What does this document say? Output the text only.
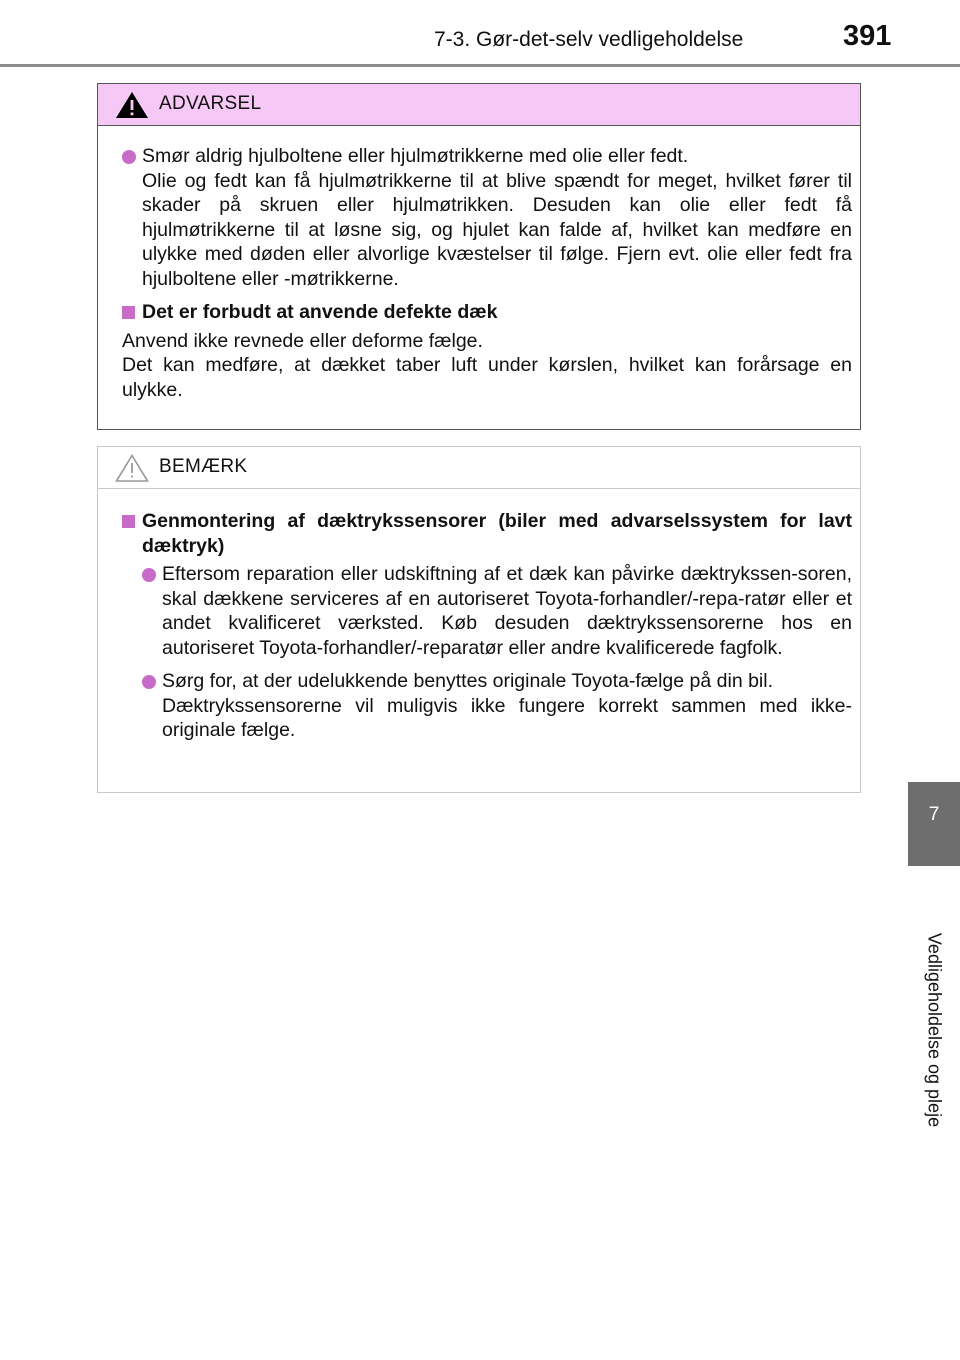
7-3. Gør-det-selv vedligeholdelse	391
ADVARSEL

Smør aldrig hjulboltene eller hjulmøtrikkerne med olie eller fedt.

Olie og fedt kan få hjulmøtrikkerne til at blive spændt for meget, hvilket fører til skader på skruen eller hjulmøtrikken. Desuden kan olie eller fedt få hjulmøtrikkerne til at løsne sig, og hjulet kan falde af, hvilket kan medføre en ulykke med døden eller alvorlige kvæstelser til følge. Fjern evt. olie eller fedt fra hjulboltene eller -møtrikkerne.

Det er forbudt at anvende defekte dæk

Anvend ikke revnede eller deforme fælge.

Det kan medføre, at dækket taber luft under kørslen, hvilket kan forårsage en ulykke.

BEMÆRK
Genmontering af dæktrykssensorer (biler med advarselssystem for lavt dæktryk)

Eftersom reparation eller udskiftning af et dæk kan påvirke dæktrykssen-soren, skal dækkene serviceres af en autoriseret Toyota-forhandler/-repa-ratør eller et andet kvalificeret værksted. Køb desuden dæktrykssensorerne hos en autoriseret Toyota-forhandler/-reparatør eller andre kvalificerede fagfolk.

Sørg for, at der udelukkende benyttes originale Toyota-fælge på din bil.

Dæktrykssensorerne vil muligvis ikke fungere korrekt sammen med ikke-originale fælge.

7
Vedligeholdelse og pleje
